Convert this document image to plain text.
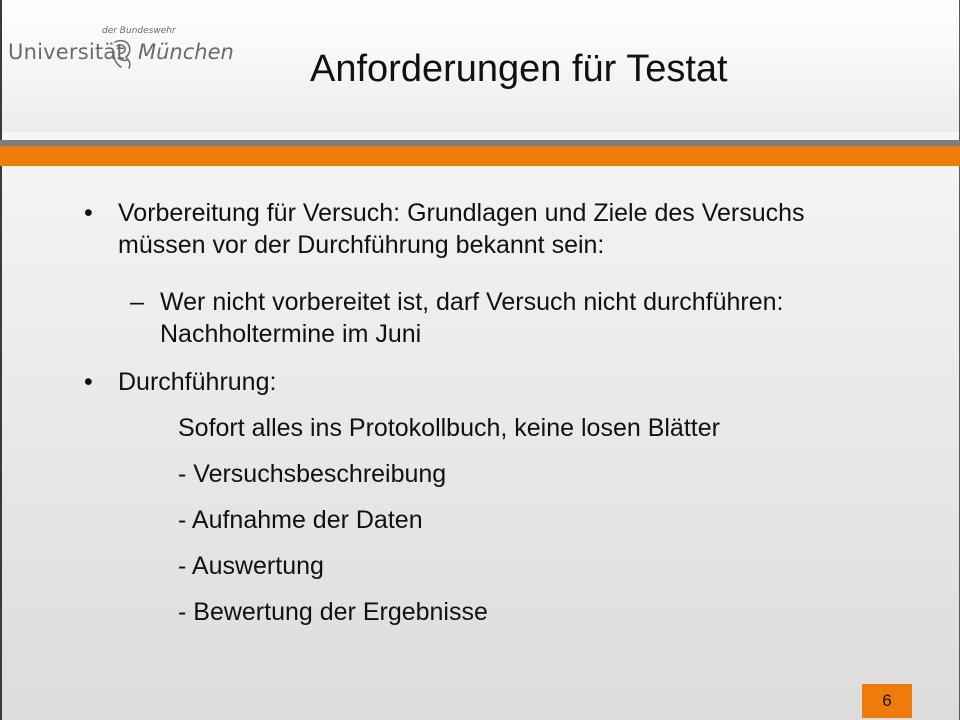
der Bundeswehr
Universität München Anforderungen für Testat
• Vorbereitung für Versuch: Grundlagen und Ziele des Versuchs müssen vor der Durchführung bekannt sein:
– Wer nicht vorbereitet ist, darf Versuch nicht durchführen: Nachholtermine im Juni
• Durchführung:
Sofort alles ins Protokollbuch, keine losen Blätter
- Versuchsbeschreibung
- Aufnahme der Daten
- Auswertung
- Bewertung der Ergebnisse
6
